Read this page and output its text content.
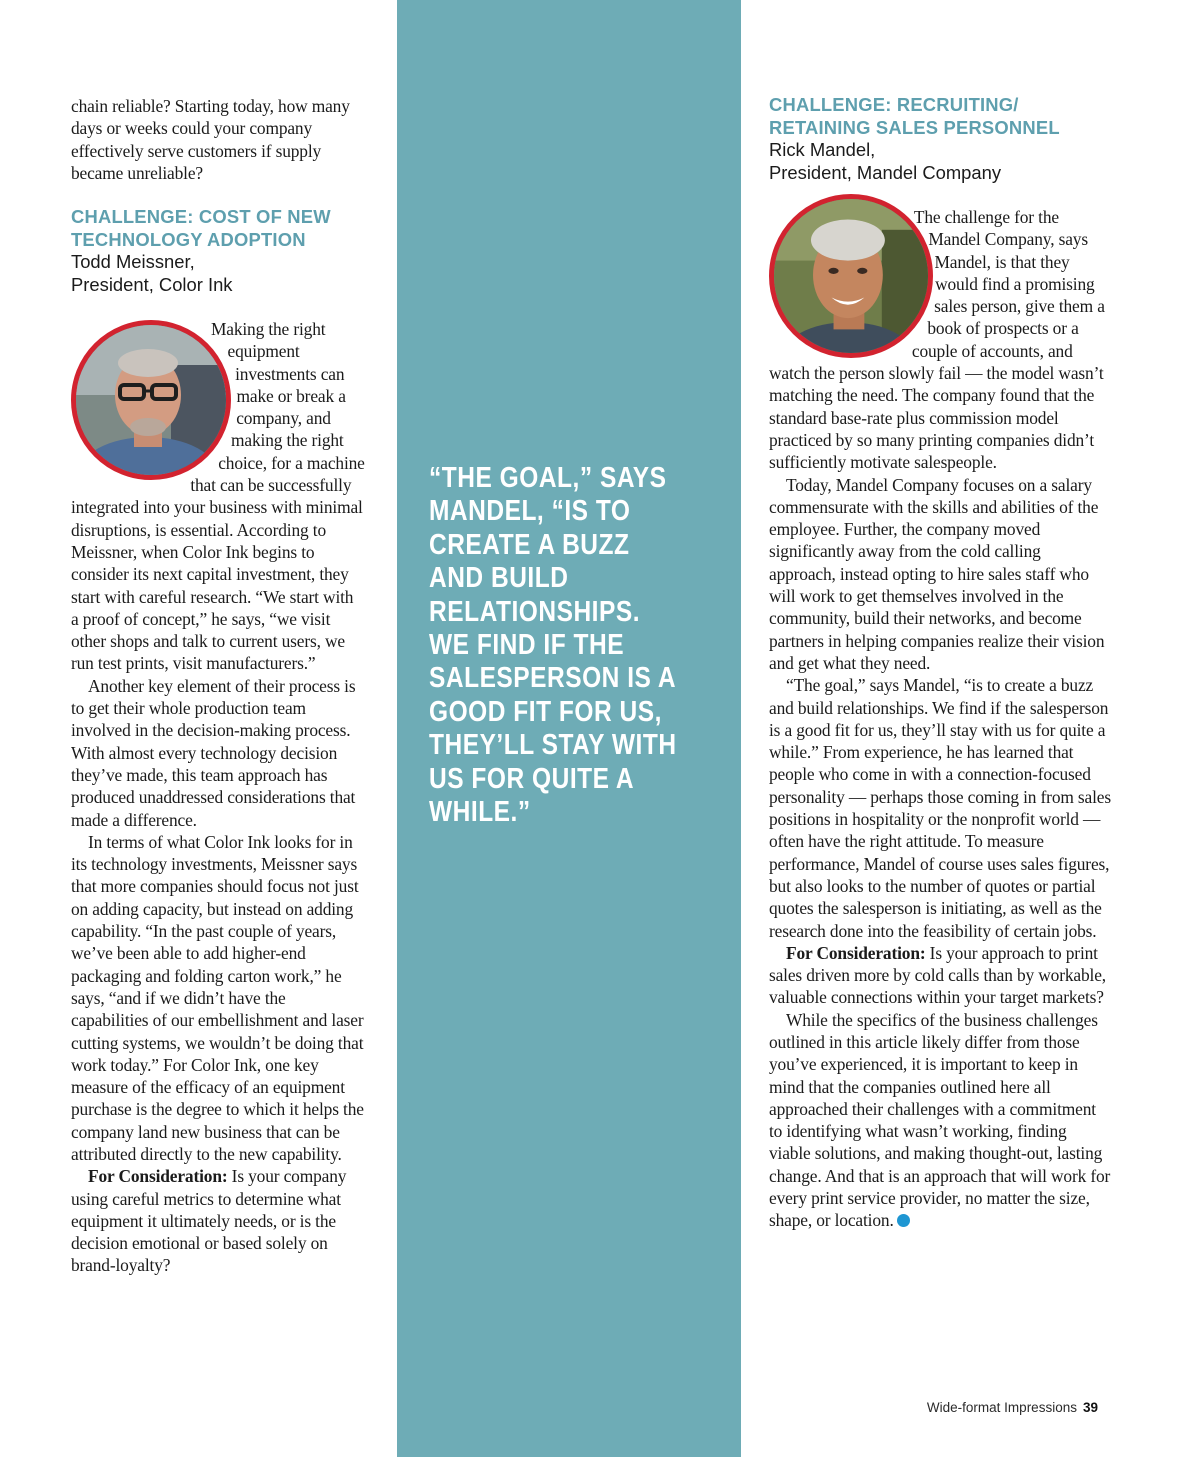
chain reliable? Starting today, how many days or weeks could your company effectively serve customers if supply became unreliable?

CHALLENGE: COST OF NEW
TECHNOLOGY ADOPTION
Todd Meissner,
President, Color Ink

Making the right equipment investments can make or break a company, and making the right choice, for a machine that can be successfully integrated into your business with minimal disruptions, is essential. According to Meissner, when Color Ink begins to consider its next capital investment, they start with careful research. “We start with a proof of concept,” he says, “we visit other shops and talk to current users, we run test prints, visit manufacturers.”

Another key element of their process is to get their whole production team involved in the decision-making process. With almost every technology decision they’ve made, this team approach has produced unaddressed considerations that made a difference.

In terms of what Color Ink looks for in its technology investments, Meissner says that more companies should focus not just on adding capacity, but instead on adding capability. “In the past couple of years, we’ve been able to add higher-end packaging and folding carton work,” he says, “and if we didn’t have the capabilities of our embellishment and laser cutting systems, we wouldn’t be doing that work today.” For Color Ink, one key measure of the efficacy of an equipment purchase is the degree to which it helps the company land new business that can be attributed directly to the new capability.

For Consideration: Is your company using careful metrics to determine what equipment it ultimately needs, or is the decision emotional or based solely on brand-loyalty?

“THE GOAL,” SAYS MANDEL, “IS TO CREATE A BUZZ AND BUILD RELATIONSHIPS. WE FIND IF THE SALESPERSON IS A GOOD FIT FOR US, THEY’LL STAY WITH US FOR QUITE A WHILE.”
CHALLENGE: RECRUITING/
RETAINING SALES PERSONNEL
Rick Mandel,
President, Mandel Company

The challenge for the Mandel Company, says Mandel, is that they would find a promising sales person, give them a book of prospects or a couple of accounts, and watch the person slowly fail — the model wasn’t matching the need. The company found that the standard base-rate plus commission model practiced by so many printing companies didn’t sufficiently motivate salespeople.

Today, Mandel Company focuses on a salary commensurate with the skills and abilities of the employee. Further, the company moved significantly away from the cold calling approach, instead opting to hire sales staff who will work to get themselves involved in the community, build their networks, and become partners in helping companies realize their vision and get what they need.

“The goal,” says Mandel, “is to create a buzz and build relationships. We find if the salesperson is a good fit for us, they’ll stay with us for quite a while.” From experience, he has learned that people who come in with a connection-focused personality — perhaps those coming in from sales positions in hospitality or the nonprofit world — often have the right attitude. To measure performance, Mandel of course uses sales figures, but also looks to the number of quotes or partial quotes the salesperson is initiating, as well as the research done into the feasibility of certain jobs.

For Consideration: Is your approach to print sales driven more by cold calls than by workable, valuable connections within your target markets?

While the specifics of the business challenges outlined in this article likely differ from those you’ve experienced, it is important to keep in mind that the companies outlined here all approached their challenges with a commitment to identifying what wasn’t working, finding viable solutions, and making thought-out, lasting change. And that is an approach that will work for every print service provider, no matter the size, shape, or location.

Wide-format Impressions 39
